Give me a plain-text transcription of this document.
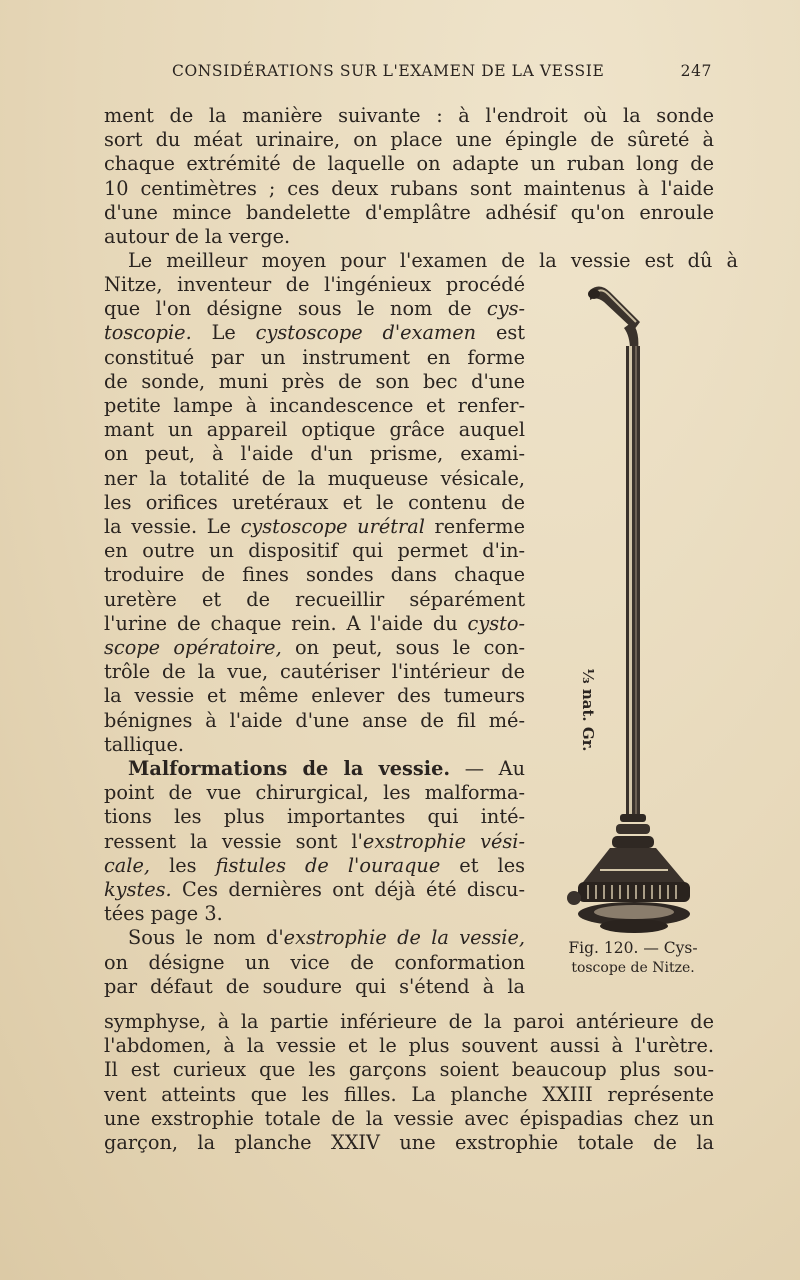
CONSIDÉRATIONS SUR L'EXAMEN DE LA VESSIE	247
ment de la manière suivante : à l'endroit où la sonde
sort du méat urinaire, on place une épingle de sûreté à
chaque extrémité de laquelle on adapte un ruban long de
10 centimètres ; ces deux rubans sont maintenus à l'aide
d'une mince bandelette d'emplâtre adhésif qu'on enroule
autour de la verge.
Le meilleur moyen pour l'examen de la vessie est dû à
Nitze, inventeur de l'ingénieux procédé
que l'on désigne sous le nom de cys-
toscopie. Le cystoscope d'examen est
constitué par un instrument en forme
de sonde, muni près de son bec d'une
petite lampe à incandescence et renfer-
mant un appareil optique grâce auquel
on peut, à l'aide d'un prisme, exami-
ner la totalité de la muqueuse vésicale,
les orifices uretéraux et le contenu de
la vessie. Le cystoscope urétral renferme
en outre un dispositif qui permet d'in-
troduire de fines sondes dans chaque
uretère et de recueillir séparément
l'urine de chaque rein. A l'aide du cysto-
scope opératoire, on peut, sous le con-
trôle de la vue, cautériser l'intérieur de
la vessie et même enlever des tumeurs
bénignes à l'aide d'une anse de fil mé-
tallique.
Malformations de la vessie. — Au
point de vue chirurgical, les malforma-
tions les plus importantes qui inté-
ressent la vessie sont l'exstrophie vési-
cale, les fistules de l'ouraque et les
kystes. Ces dernières ont déjà été discu-
tées page 3.
Sous le nom d'exstrophie de la vessie,
on désigne un vice de conformation
par défaut de soudure qui s'étend à la
¹⁄₃ nat. Gr.
Fig. 120. — Cys-
toscope de Nitze.
symphyse, à la partie inférieure de la paroi antérieure de
l'abdomen, à la vessie et le plus souvent aussi à l'urètre.
Il est curieux que les garçons soient beaucoup plus sou-
vent atteints que les filles. La planche XXIII représente
une exstrophie totale de la vessie avec épispadias chez un
garçon, la planche XXIV une exstrophie totale de la
